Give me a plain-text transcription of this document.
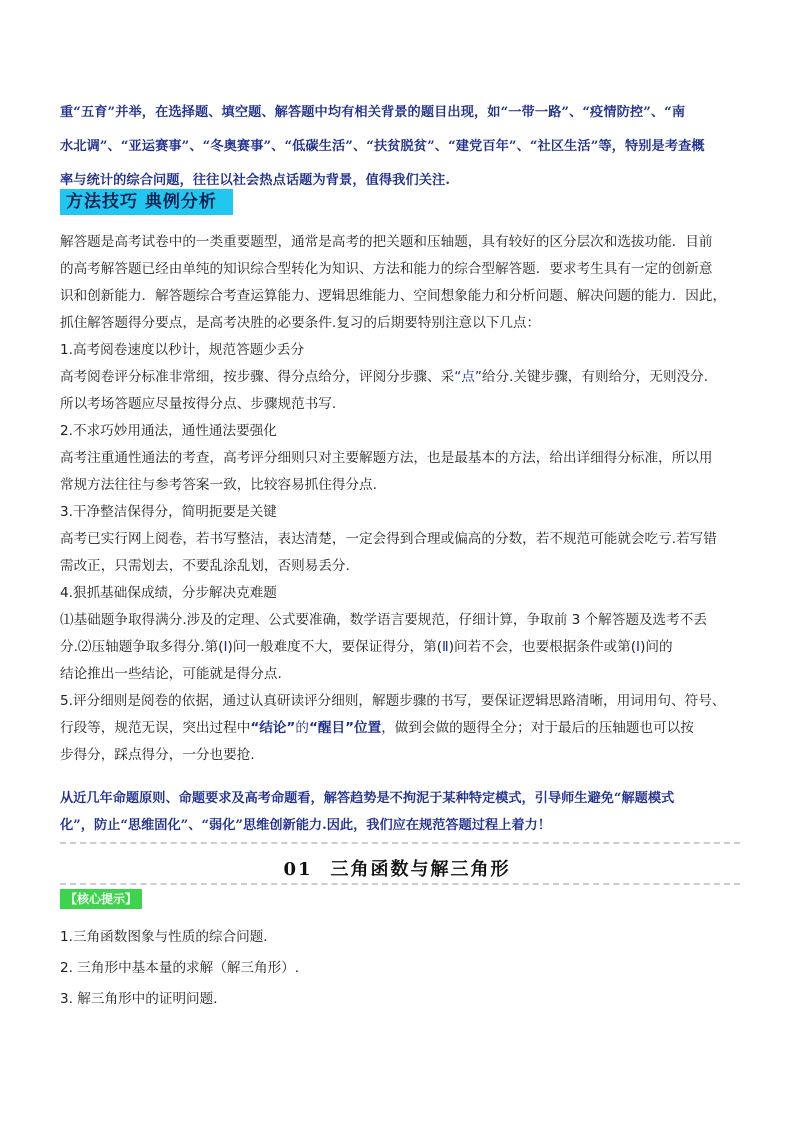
重“五育”并举，在选择题、填空题、解答题中均有相关背景的题目出现，如“一带一路”、“疫情防控”、“南

水北调”、“亚运赛事”、“冬奥赛事”、“低碳生活”、“扶贫脱贫”、“建党百年”、“社区生活”等，特别是考查概

率与统计的综合问题，往往以社会热点话题为背景，值得我们关注.

方法技巧 典例分析

解答题是高考试卷中的一类重要题型，通常是高考的把关题和压轴题，具有较好的区分层次和选拔功能．目前

的高考解答题已经由单纯的知识综合型转化为知识、方法和能力的综合型解答题．要求考生具有一定的创新意

识和创新能力．解答题综合考查运算能力、逻辑思维能力、空间想象能力和分析问题、解决问题的能力．因此，

抓住解答题得分要点，是高考决胜的必要条件.复习的后期要特别注意以下几点：

1.高考阅卷速度以秒计，规范答题少丢分

高考阅卷评分标准非常细，按步骤、得分点给分，评阅分步骤、采“点”给分.关键步骤，有则给分，无则没分.

所以考场答题应尽量按得分点、步骤规范书写.

2.不求巧妙用通法，通性通法要强化

高考注重通性通法的考查，高考评分细则只对主要解题方法，也是最基本的方法，给出详细得分标准，所以用

常规方法往往与参考答案一致，比较容易抓住得分点.

3.干净整洁保得分，简明扼要是关键

高考已实行网上阅卷，若书写整洁，表达清楚，一定会得到合理或偏高的分数，若不规范可能就会吃亏.若写错

需改正，只需划去，不要乱涂乱划，否则易丢分.

4.狠抓基础保成绩，分步解决克难题

⑴基础题争取得满分.涉及的定理、公式要准确，数学语言要规范，仔细计算，争取前 3 个解答题及选考不丢

分.⑵压轴题争取多得分.第(Ⅰ)问一般难度不大，要保证得分，第(Ⅱ)问若不会，也要根据条件或第(Ⅰ)问的

结论推出一些结论，可能就是得分点.

5.评分细则是阅卷的依据，通过认真研读评分细则，解题步骤的书写，要保证逻辑思路清晰，用词用句、符号、

行段等，规范无误，突出过程中“结论”的“醒目”位置，做到会做的题得全分；对于最后的压轴题也可以按

步得分，踩点得分，一分也要抢.

从近几年命题原则、命题要求及高考命题看，解答趋势是不拘泥于某种特定模式，引导师生避免“解题模式

化”，防止“思维固化”、“弱化”思维创新能力.因此，我们应在规范答题过程上着力！

01 三角函数与解三角形
【核心提示】

1.三角函数图象与性质的综合问题.

2. 三角形中基本量的求解（解三角形）.

3. 解三角形中的证明问题.
